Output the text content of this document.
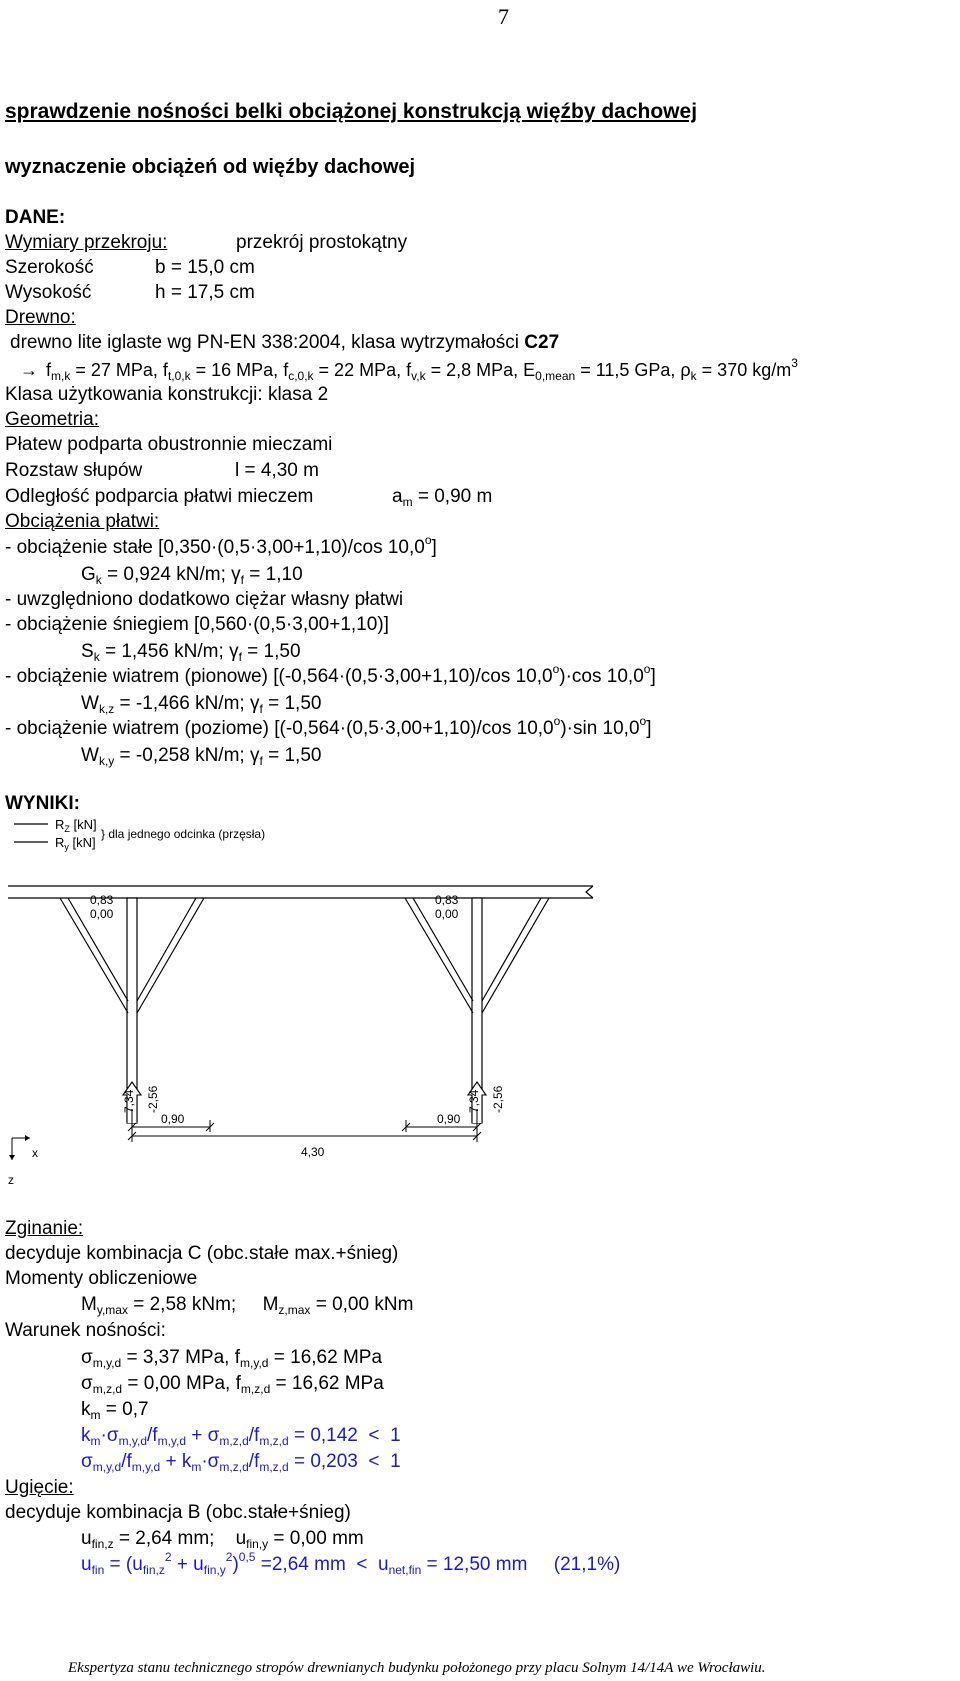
7
sprawdzenie nośności belki obciążonej konstrukcją więźby dachowej
wyznaczenie obciążeń od więźby dachowej
DANE:
Wymiary przekroju:	przekrój prostokątny
Szerokość	b = 15,0 cm
Wysokość	h = 17,5 cm
Drewno:
drewno lite iglaste wg PN-EN 338:2004, klasa wytrzymałości C27
→ $f_{m,k} = 27$ MPa, $f_{t,0,k} = 16$ MPa, $f_{c,0,k} = 22$ MPa, $f_{v,k} = 2,8$ MPa, $E_{0,mean} = 11,5$ GPa, $\rho_k = 370$ $kg/m^3$
Klasa użytkowania konstrukcji: klasa 2
Geometria:
Płatew podparta obustronnie mieczami
Rozstaw słupów	l = 4,30 m
Odległość podparcia płatwi mieczem	$a_m = 0,90$ m
Obciążenia płatwi:
- obciążenie stałe [0,350·(0,5·3,00+1,10)/cos 10,0$^o$]
$G_k = 0,924$ kN/m; $\gamma_f = 1,10$
- uwzględniono dodatkowo ciężar własny płatwi
- obciążenie śniegiem [0,560·(0,5·3,00+1,10)]
$S_k = 1,456$ kN/m; $\gamma_f = 1,50$
- obciążenie wiatrem (pionowe) [(-0,564·(0,5·3,00+1,10)/cos $10,0^o)\cdot\cos$ 10,0$^o$]
$W_{k,z} = -1,466$ kN/m; $\gamma_f = 1,50$
- obciążenie wiatrem (poziome) [(-0,564·(0,5·3,00+1,10)/cos $10,0^o)\cdot\sin$ 10,0$^o$]
$W_{k,y} = -0,258$ kN/m; $\gamma_f = 1,50$
WYNIKI:
$R_Z$ [kN]
$R_y$ [kN]
} dla jednego odcinka (przęsła)
0,83
0,00
0,83
0,00
7,34 -2,56	7,34 -2,56
0,90	0,90
4,30
x
z
Zginanie:
decyduje kombinacja C (obc.stałe max.+śnieg)
Momenty obliczeniowe
$M_{y,max} = 2,58$ kNm;     $M_{z,max} = 0,00$ kNm
Warunek nośności:
$\sigma_{m,y,d} = 3,37$ MPa, $f_{m,y,d} = 16,62$ MPa
$\sigma_{m,z,d} = 0,00$ MPa, $f_{m,z,d} = 16,62$ MPa
$k_m = 0,7$
$k_m\cdot\sigma_{m,y,d}/f_{m,y,d} + \sigma_{m,z,d}/f_{m,z,d} = 0,142 < 1$
$\sigma_{m,y,d}/f_{m,y,d} + k_m\cdot\sigma_{m,z,d}/f_{m,z,d} = 0,203 < 1$
Ugięcie:
decyduje kombinacja B (obc.stałe+śnieg)
$u_{fin,z} = 2,64$ mm;    $u_{fin,y} = 0,00$ mm
$u_{fin} = (u_{fin,z}^2 + u_{fin,y}^2)^{0,5} =2,64$ mm  <  $u_{net,fin} = 12,50$ mm     (21,1%)
Ekspertyza stanu technicznego stropów drewnianych budynku położonego przy placu Solnym 14/14A we Wrocławiu.
